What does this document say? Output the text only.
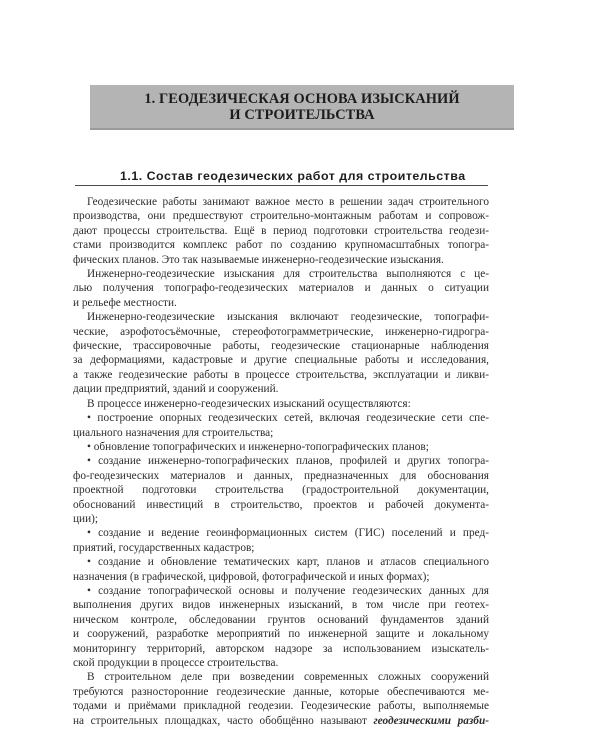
1. ГЕОДЕЗИЧЕСКАЯ ОСНОВА ИЗЫСКАНИЙ
И СТРОИТЕЛЬСТВА
1.1. Состав геодезических работ для строительства
Геодезические работы занимают важное место в решении задач строительного
производства, они предшествуют строительно-монтажным работам и сопровож-
дают процессы строительства. Ещё в период подготовки строительства геодези-
стами производится комплекс работ по созданию крупномасштабных топогра-
фических планов. Это так называемые инженерно-геодезические изыскания.
Инженерно-геодезические изыскания для строительства выполняются с це-
лью получения топографо-геодезических материалов и данных о ситуации
и рельефе местности.
Инженерно-геодезические изыскания включают геодезические, топографи-
ческие, аэрофотосъёмочные, стереофотограмметрические, инженерно-гидрогра-
фические, трассировочные работы, геодезические стационарные наблюдения
за деформациями, кадастровые и другие специальные работы и исследования,
а также геодезические работы в процессе строительства, эксплуатации и ликви-
дации предприятий, зданий и сооружений.
В процессе инженерно-геодезических изысканий осуществляются:
• построение опорных геодезических сетей, включая геодезические сети спе-
циального назначения для строительства;
• обновление топографических и инженерно-топографических планов;
• создание инженерно-топографических планов, профилей и других топогра-
фо-геодезических материалов и данных, предназначенных для обоснования
проектной подготовки строительства (градостроительной документации,
обоснований инвестиций в строительство, проектов и рабочей документа-
ции);
• создание и ведение геоинформационных систем (ГИС) поселений и пред-
приятий, государственных кадастров;
• создание и обновление тематических карт, планов и атласов специального
назначения (в графической, цифровой, фотографической и иных формах);
• создание топографической основы и получение геодезических данных для
выполнения других видов инженерных изысканий, в том числе при геотех-
ническом контроле, обследовании грунтов оснований фундаментов зданий
и сооружений, разработке мероприятий по инженерной защите и локальному
мониторингу территорий, авторском надзоре за использованием изыскатель-
ской продукции в процессе строительства.
В строительном деле при возведении современных сложных сооружений
требуются разносторонние геодезические данные, которые обеспечиваются ме-
тодами и приёмами прикладной геодезии. Геодезические работы, выполняемые
на строительных площадках, часто обобщённо называют геодезическими разби-
